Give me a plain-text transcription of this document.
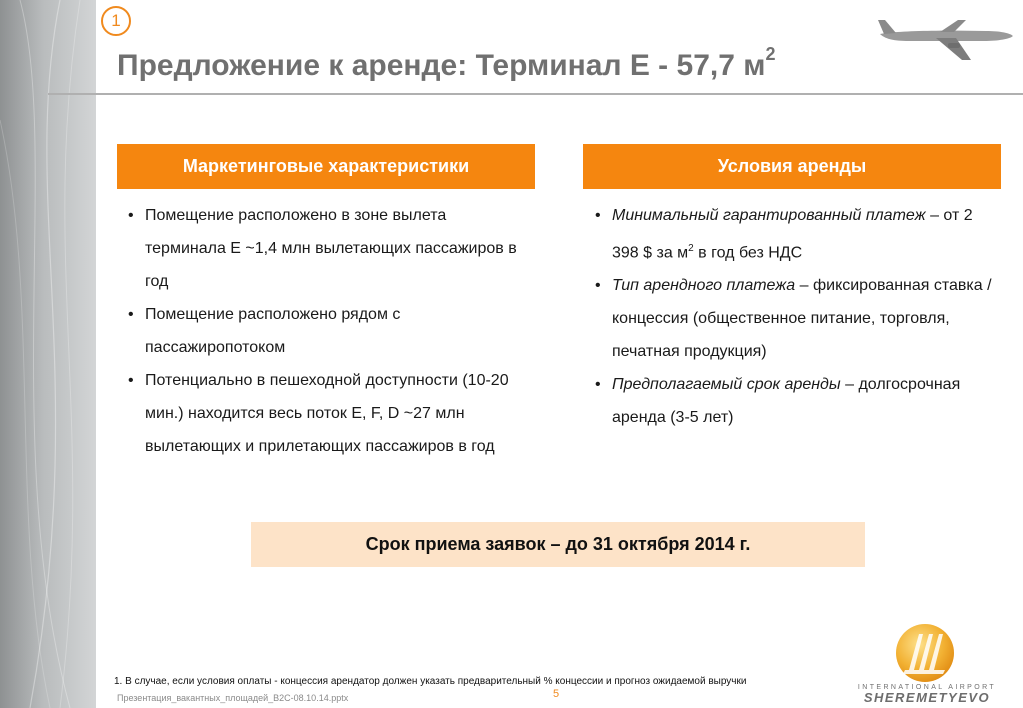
1
Предложение к аренде: Терминал Е - 57,7 $м^2$
Маркетинговые характеристики	Условия аренды
• Помещение расположено в зоне вылета терминала Е ~1,4 млн вылетающих пассажиров в год
• Помещение расположено рядом с пассажиропотоком
• Потенциально в пешеходной доступности (10-20 мин.) находится весь поток E, F, D ~27 млн вылетающих и прилетающих пассажиров в год
• Минимальный гарантированный платеж – от 2 398 $ за $м^2$ в год без НДС
• Тип арендного платежа – фиксированная ставка / концессия (общественное питание, торговля, печатная продукция)
• Предполагаемый срок аренды – долгосрочная аренда (3-5 лет)
Срок приема заявок – до 31 октября 2014 г.
1. В случае, если условия оплаты - концессия арендатор должен указать предварительный % концессии и прогноз ожидаемой выручки
Презентация_вакантных_площадей_B2C-08.10.14.pptx	5
INTERNATIONAL AIRPORT
SHEREMETYEVO
